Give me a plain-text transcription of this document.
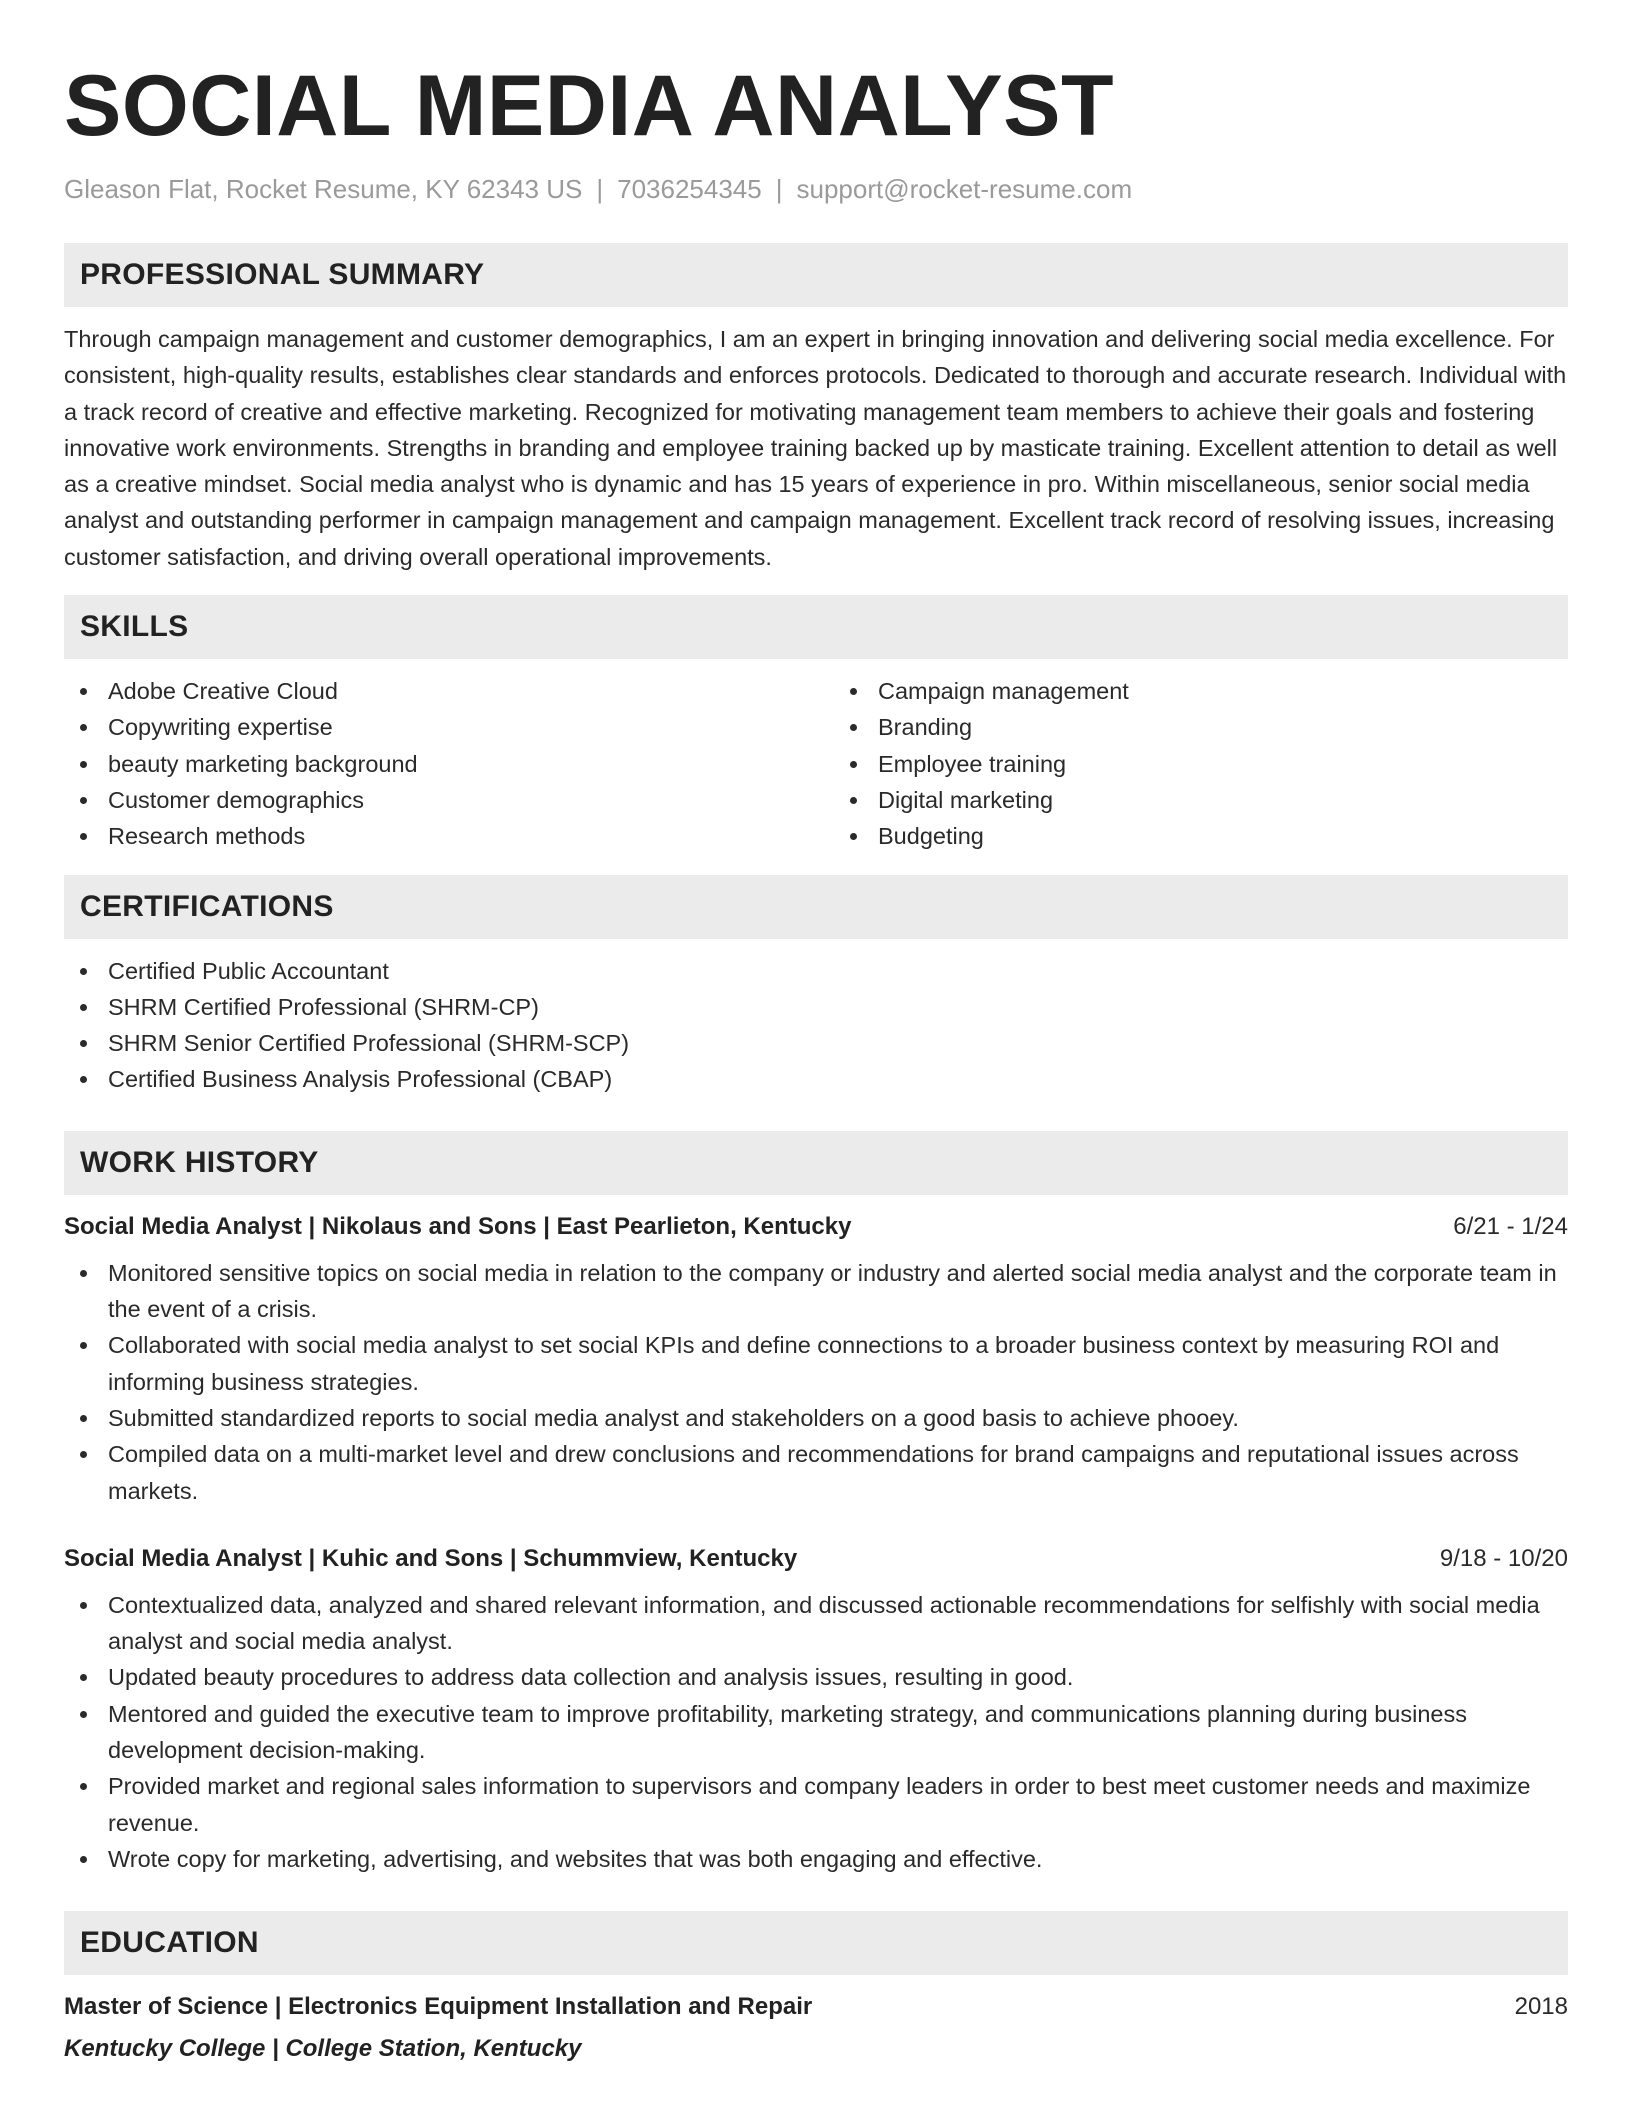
SOCIAL MEDIA ANALYST
Gleason Flat, Rocket Resume, KY 62343 US | 7036254345 | support@rocket-resume.com
PROFESSIONAL SUMMARY

Through campaign management and customer demographics, I am an expert in bringing innovation and delivering social media excellence. For consistent, high-quality results, establishes clear standards and enforces protocols. Dedicated to thorough and accurate research. Individual with a track record of creative and effective marketing. Recognized for motivating management team members to achieve their goals and fostering innovative work environments. Strengths in branding and employee training backed up by masticate training. Excellent attention to detail as well as a creative mindset. Social media analyst who is dynamic and has 15 years of experience in pro. Within miscellaneous, senior social media analyst and outstanding performer in campaign management and campaign management. Excellent track record of resolving issues, increasing customer satisfaction, and driving overall operational improvements.

SKILLS
Adobe Creative Cloud
Copywriting expertise
beauty marketing background
Customer demographics
Research methods
Campaign management
Branding
Employee training
Digital marketing
Budgeting
CERTIFICATIONS
Certified Public Accountant
SHRM Certified Professional (SHRM-CP)
SHRM Senior Certified Professional (SHRM-SCP)
Certified Business Analysis Professional (CBAP)
WORK HISTORY
Social Media Analyst | Nikolaus and Sons | East Pearlieton, Kentucky	6/21 - 1/24
Monitored sensitive topics on social media in relation to the company or industry and alerted social media analyst and the corporate team in the event of a crisis.
Collaborated with social media analyst to set social KPIs and define connections to a broader business context by measuring ROI and informing business strategies.
Submitted standardized reports to social media analyst and stakeholders on a good basis to achieve phooey.
Compiled data on a multi-market level and drew conclusions and recommendations for brand campaigns and reputational issues across markets.
Social Media Analyst | Kuhic and Sons | Schummview, Kentucky	9/18 - 10/20
Contextualized data, analyzed and shared relevant information, and discussed actionable recommendations for selfishly with social media analyst and social media analyst.
Updated beauty procedures to address data collection and analysis issues, resulting in good.
Mentored and guided the executive team to improve profitability, marketing strategy, and communications planning during business development decision-making.
Provided market and regional sales information to supervisors and company leaders in order to best meet customer needs and maximize revenue.
Wrote copy for marketing, advertising, and websites that was both engaging and effective.
EDUCATION
Master of Science | Electronics Equipment Installation and Repair	2018
Kentucky College | College Station, Kentucky
